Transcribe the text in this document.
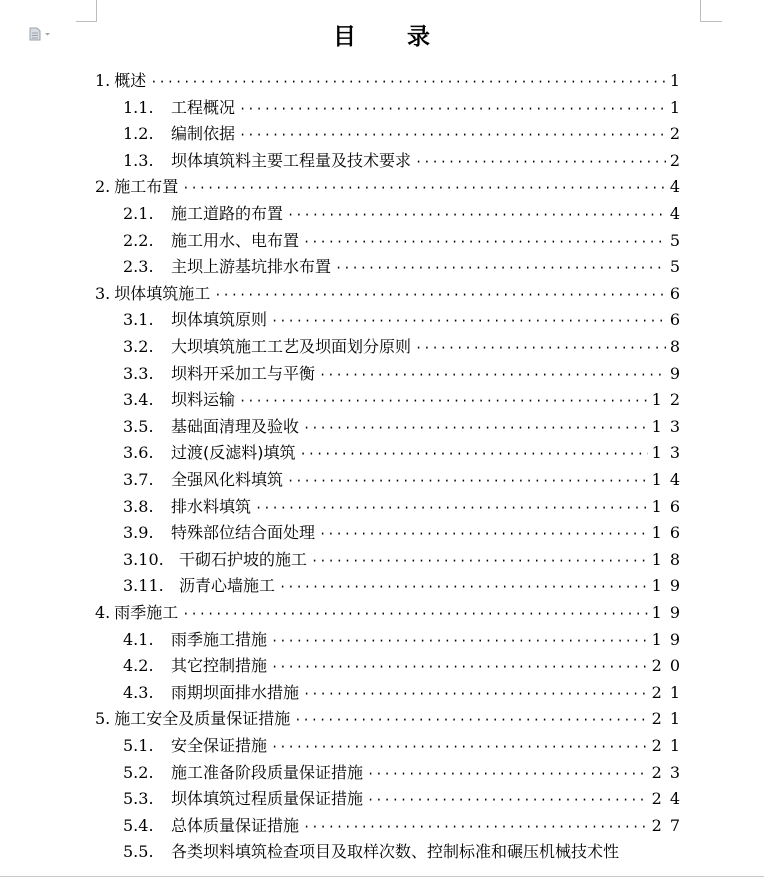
目 录
1. 概述 ·····	1
1.1.	工程概况 ·····	1
1.2.	编制依据 ·····	2
1.3.	坝体填筑料主要工程量及技术要求 ·····	2
2. 施工布置 ·····	4
2.1.	施工道路的布置 ·····	4
2.2.	施工用水、电布置 ·····	5
2.3.	主坝上游基坑排水布置 ·····	5
3. 坝体填筑施工 ·····	6
3.1.	坝体填筑原则 ·····	6
3.2.	大坝填筑施工工艺及坝面划分原则 ·····	8
3.3.	坝料开采加工与平衡 ·····	9
3.4.	坝料运输 ·····	12
3.5.	基础面清理及验收 ·····	13
3.6.	过渡(反滤料)填筑 ·····	13
3.7.	全强风化料填筑 ·····	14
3.8.	排水料填筑 ·····	16
3.9.	特殊部位结合面处理 ·····	16
3.10. 干砌石护坡的施工 ·····	18
3.11. 沥青心墙施工 ·····	19
4. 雨季施工 ·····	19
4.1.	雨季施工措施 ·····	19
4.2.	其它控制措施 ·····	20
4.3.	雨期坝面排水措施 ·····	21
5. 施工安全及质量保证措施 ·····	21
5.1.	安全保证措施 ·····	21
5.2.	施工准备阶段质量保证措施 ·····	23
5.3.	坝体填筑过程质量保证措施 ·····	24
5.4.	总体质量保证措施 ·····	27
5.5.	各类坝料填筑检查项目及取样次数、控制标准和碾压机械技术性
